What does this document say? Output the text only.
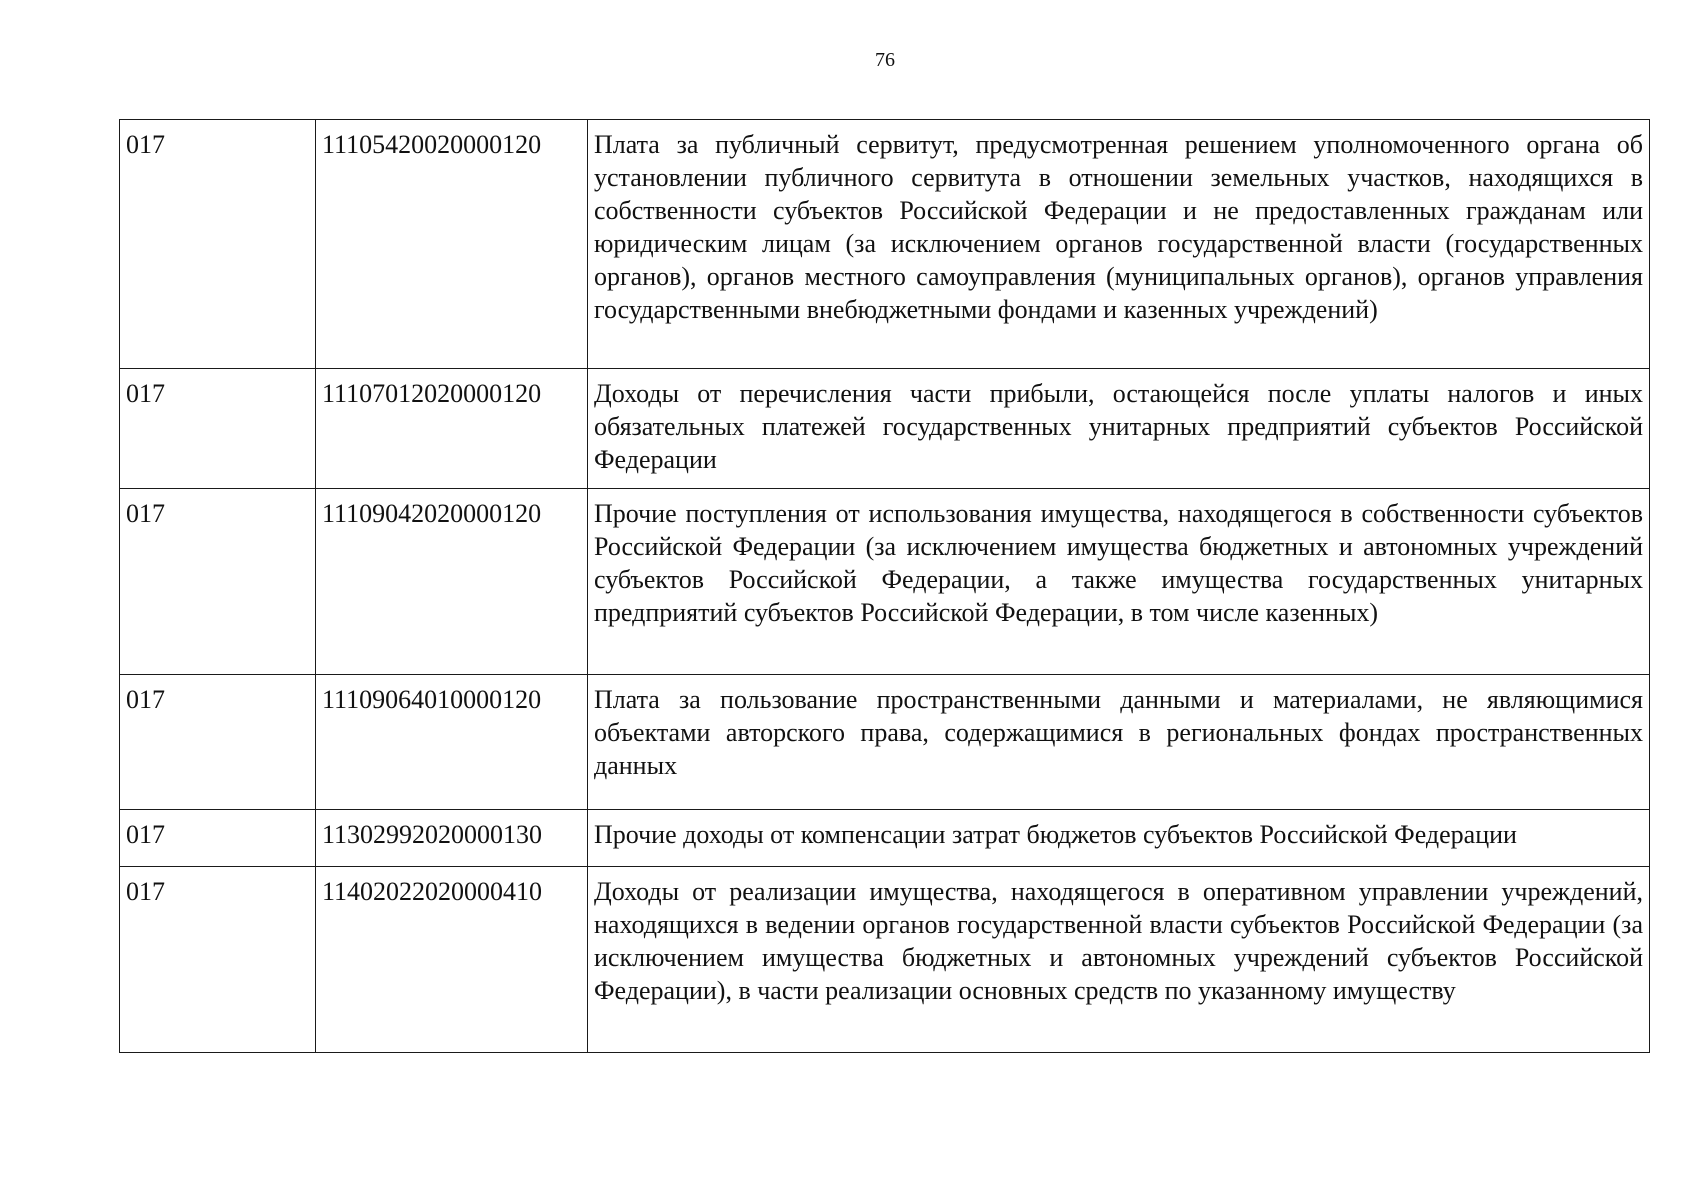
76
017	11105420020000120	Плата за публичный сервитут, предусмотренная решением уполномоченного органа об установлении публичного сервитута в отношении земельных участков, находящихся в собственности субъектов Российской Федерации и не предоставленных гражданам или юридическим лицам (за исключением органов государственной власти (государственных органов), органов местного самоуправления (муниципальных органов), органов управления государственными внебюджетными фондами и казенных учреждений)
017	11107012020000120	Доходы от перечисления части прибыли, остающейся после уплаты налогов и иных обязательных платежей государственных унитарных предприятий субъектов Российской Федерации
017	11109042020000120	Прочие поступления от использования имущества, находящегося в собственности субъектов Российской Федерации (за исключением имущества бюджетных и автономных учреждений субъектов Российской Федерации, а также имущества государственных унитарных предприятий субъектов Российской Федерации, в том числе казенных)
017	11109064010000120	Плата за пользование пространственными данными и материалами, не являющимися объектами авторского права, содержащимися в региональных фондах пространственных данных
017	11302992020000130	Прочие доходы от компенсации затрат бюджетов субъектов Российской Федерации
017	11402022020000410	Доходы от реализации имущества, находящегося в оперативном управлении учреждений, находящихся в ведении органов государственной власти субъектов Российской Федерации (за исключением имущества бюджетных и автономных учреждений субъектов Российской Федерации), в части реализации основных средств по указанному имуществу
